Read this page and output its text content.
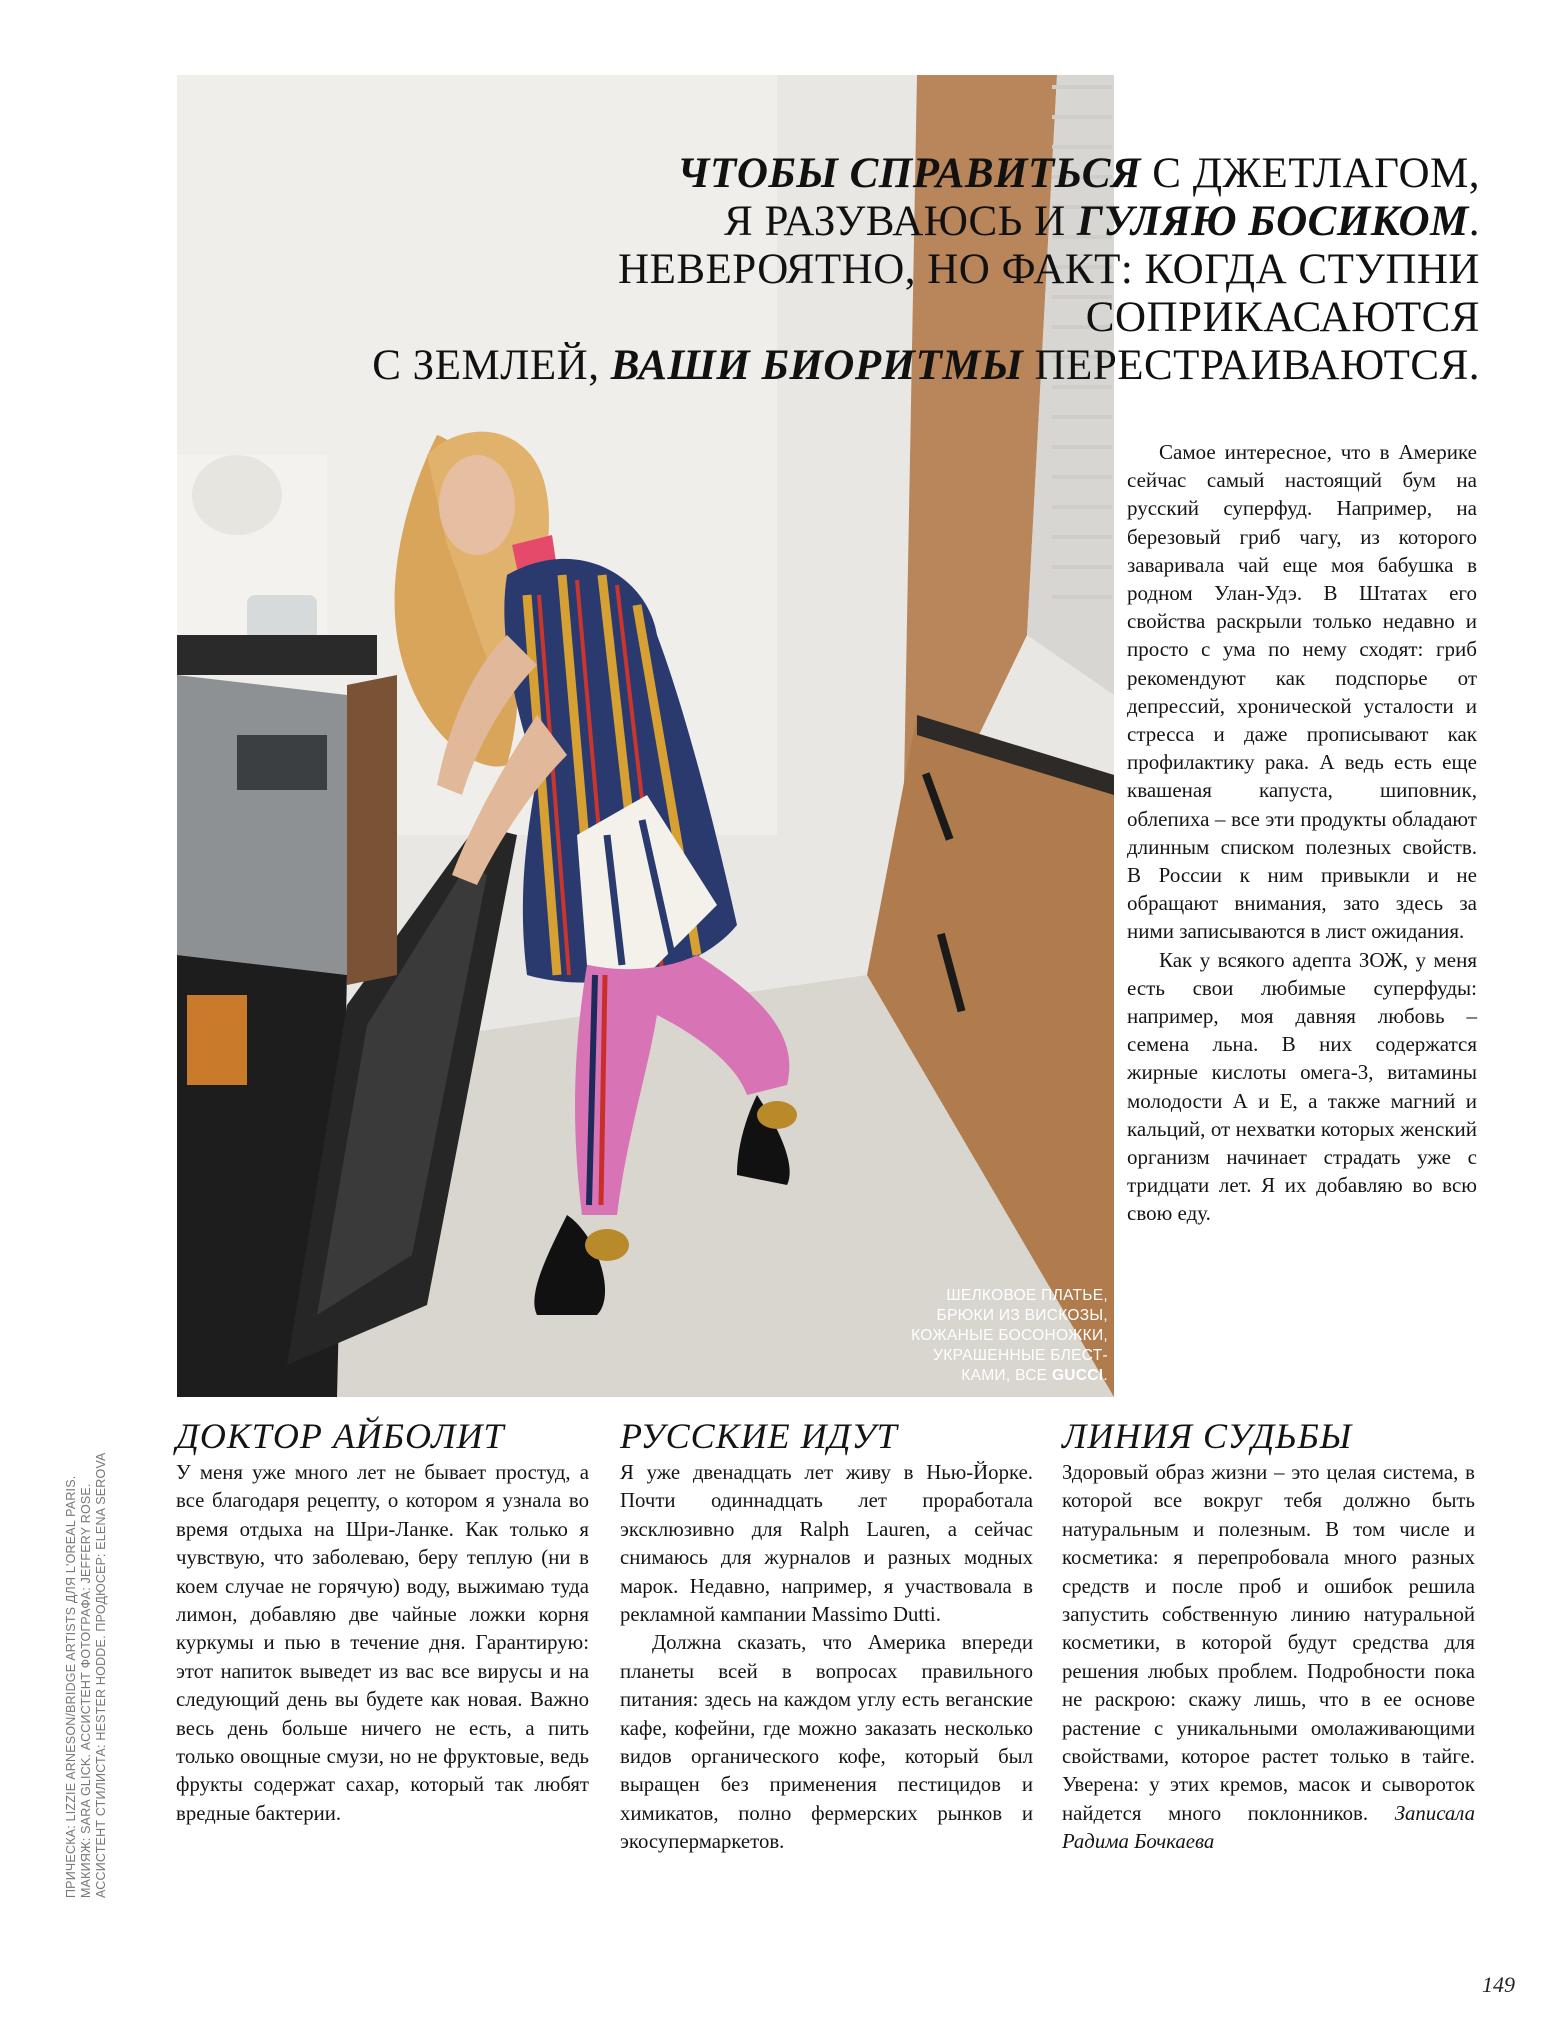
ЧТОБЫ СПРАВИТЬСЯ С ДЖЕТЛАГОМ,
Я РАЗУВАЮСЬ И ГУЛЯЮ БОСИКОМ.
НЕВЕРОЯТНО, НО ФАКТ: КОГДА СТУПНИ СОПРИКАСАЮТСЯ
С ЗЕМЛЕЙ, ВАШИ БИОРИТМЫ ПЕРЕСТРАИВАЮТСЯ.
ШЕЛКОВОЕ ПЛАТЬЕ,
БРЮКИ ИЗ ВИСКОЗЫ,
КОЖАНЫЕ БОСОНОЖКИ,
УКРАШЕННЫЕ БЛЕСТ-
КАМИ, ВСЕ GUCCI.

Самое интересное, что в Америке сейчас самый настоящий бум на русский суперфуд. Например, на березовый гриб чагу, из которого заваривала чай еще моя бабушка в родном Улан-Удэ. В Штатах его свойства раскрыли только недавно и просто с ума по нему сходят: гриб рекомендуют как подспорье от депрессий, хронической усталости и стресса и даже прописывают как профилактику рака. А ведь есть еще квашеная капуста, шиповник, облепиха – все эти продукты обладают длинным списком полезных свойств. В России к ним привыкли и не обращают внимания, зато здесь за ними записываются в лист ожидания.

Как у всякого адепта ЗОЖ, у меня есть свои любимые суперфуды: например, моя давняя любовь – семена льна. В них содержатся жирные кислоты омега-3, витамины молодости А и Е, а также магний и кальций, от нехватки которых женский организм начинает страдать уже с тридцати лет. Я их добавляю во всю свою еду.

ПРИЧЕСКА: LIZZIE ARNESON/BRIDGE ARTISTS ДЛЯ L'OREAL PARIS. МАКИЯЖ: SARA GLICK. АССИСТЕНТ ФОТОГРАФА: JEFFERY ROSE. АССИСТЕНТ СТИЛИСТА: HESTER HODDE. ПРОДЮСЕР: ELENA SEROVA
ДОКТОР АЙБОЛИТ

У меня уже много лет не бывает простуд, а все благодаря рецепту, о котором я узнала во время отдыха на Шри-Ланке. Как только я чувствую, что заболеваю, беру теплую (ни в коем случае не горячую) воду, выжимаю туда лимон, добавляю две чайные ложки корня куркумы и пью в течение дня. Гарантирую: этот напиток выведет из вас все вирусы и на следующий день вы будете как новая. Важно весь день больше ничего не есть, а пить только овощные смузи, но не фруктовые, ведь фрукты содержат сахар, который так любят вредные бактерии.

РУССКИЕ ИДУТ

Я уже двенадцать лет живу в Нью-Йорке. Почти одиннадцать лет проработала эксклюзивно для Ralph Lauren, а сейчас снимаюсь для журналов и разных модных марок. Недавно, например, я участвовала в рекламной кампании Massimo Dutti.

Должна сказать, что Америка впереди планеты всей в вопросах правильного питания: здесь на каждом углу есть веганские кафе, кофейни, где можно заказать несколько видов органического кофе, который был выращен без применения пестицидов и химикатов, полно фермерских рынков и экосупермаркетов.

ЛИНИЯ СУДЬБЫ

Здоровый образ жизни – это целая система, в которой все вокруг тебя должно быть натуральным и полезным. В том числе и косметика: я перепробовала много разных средств и после проб и ошибок решила запустить собственную линию натуральной косметики, в которой будут средства для решения любых проблем. Подробности пока не раскрою: скажу лишь, что в ее основе растение с уникальными омолаживающими свойствами, которое растет только в тайге. Уверена: у этих кремов, масок и сывороток найдется много поклонников. Записала Радима Бочкаева

149
